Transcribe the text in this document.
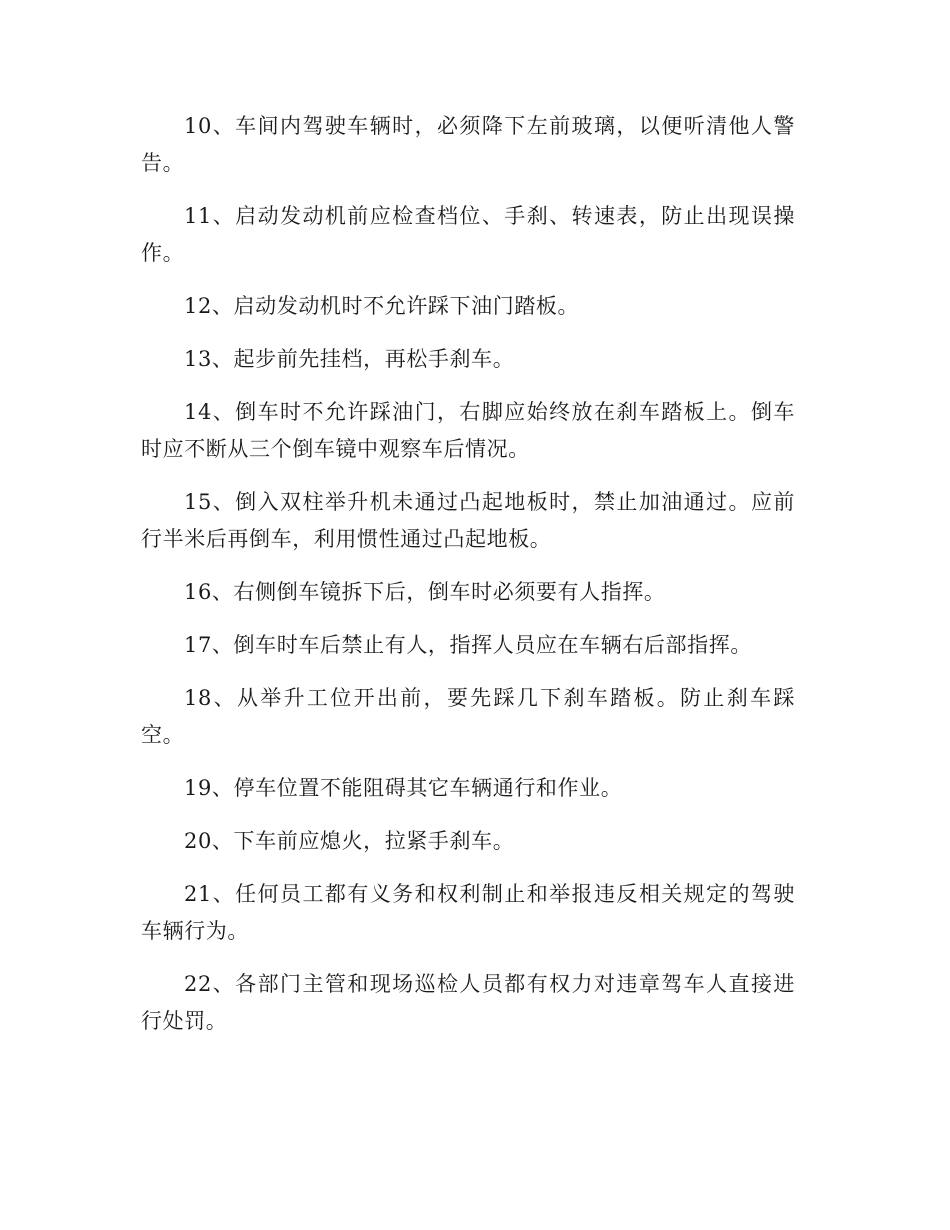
10、车间内驾驶车辆时，必须降下左前玻璃，以便听清他人警告。

11、启动发动机前应检查档位、手刹、转速表，防止出现误操作。

12、启动发动机时不允许踩下油门踏板。

13、起步前先挂档，再松手刹车。

14、倒车时不允许踩油门，右脚应始终放在刹车踏板上。倒车时应不断从三个倒车镜中观察车后情况。

15、倒入双柱举升机未通过凸起地板时，禁止加油通过。应前行半米后再倒车，利用惯性通过凸起地板。

16、右侧倒车镜拆下后，倒车时必须要有人指挥。

17、倒车时车后禁止有人，指挥人员应在车辆右后部指挥。

18、从举升工位开出前，要先踩几下刹车踏板。防止刹车踩空。

19、停车位置不能阻碍其它车辆通行和作业。

20、下车前应熄火，拉紧手刹车。

21、任何员工都有义务和权利制止和举报违反相关规定的驾驶车辆行为。

22、各部门主管和现场巡检人员都有权力对违章驾车人直接进行处罚。
